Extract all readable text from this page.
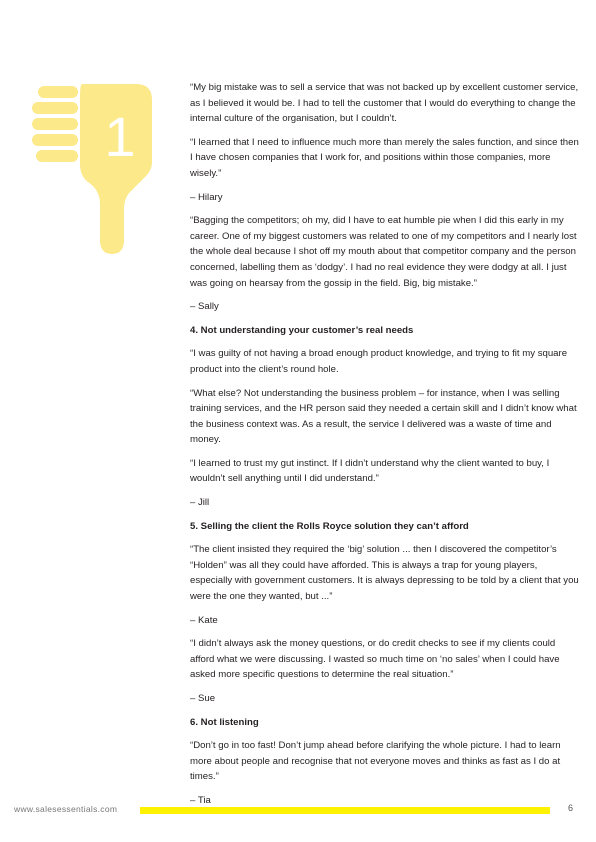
1

“My big mistake was to sell a service that was not backed up by excellent customer service, as I believed it would be. I had to tell the customer that I would do everything to change the internal culture of the organisation, but I couldn’t.

“I learned that I need to influence much more than merely the sales function, and since then I have chosen companies that I work for, and positions within those companies, more wisely.”

– Hilary

“Bagging the competitors; oh my, did I have to eat humble pie when I did this early in my career. One of my biggest customers was related to one of my competitors and I nearly lost the whole deal because I shot off my mouth about that competitor company and the person concerned, labelling them as ‘dodgy’. I had no real evidence they were dodgy at all. I just was going on hearsay from the gossip in the field. Big, big mistake.”

– Sally

4. Not understanding your customer’s real needs

“I was guilty of not having a broad enough product knowledge, and trying to fit my square product into the client’s round hole.

“What else? Not understanding the business problem – for instance, when I was selling training services, and the HR person said they needed a certain skill and I didn’t know what the business context was. As a result, the service I delivered was a waste of time and money.

“I learned to trust my gut instinct. If I didn’t understand why the client wanted to buy, I wouldn’t sell anything until I did understand.”

– Jill

5. Selling the client the Rolls Royce solution they can’t afford

“The client insisted they required the ‘big’ solution ... then I discovered the competitor’s “Holden” was all they could have afforded. This is always a trap for young players, especially with government customers. It is always depressing to be told by a client that you were the one they wanted, but ...”

– Kate

“I didn’t always ask the money questions, or do credit checks to see if my clients could afford what we were discussing. I wasted so much time on ‘no sales’ when I could have asked more specific questions to determine the real situation.”

– Sue

6. Not listening

“Don’t go in too fast! Don’t jump ahead before clarifying the whole picture. I had to learn more about people and recognise that not everyone moves and thinks as fast as I do at times.”

– Tia

www.salesessentials.com	6
